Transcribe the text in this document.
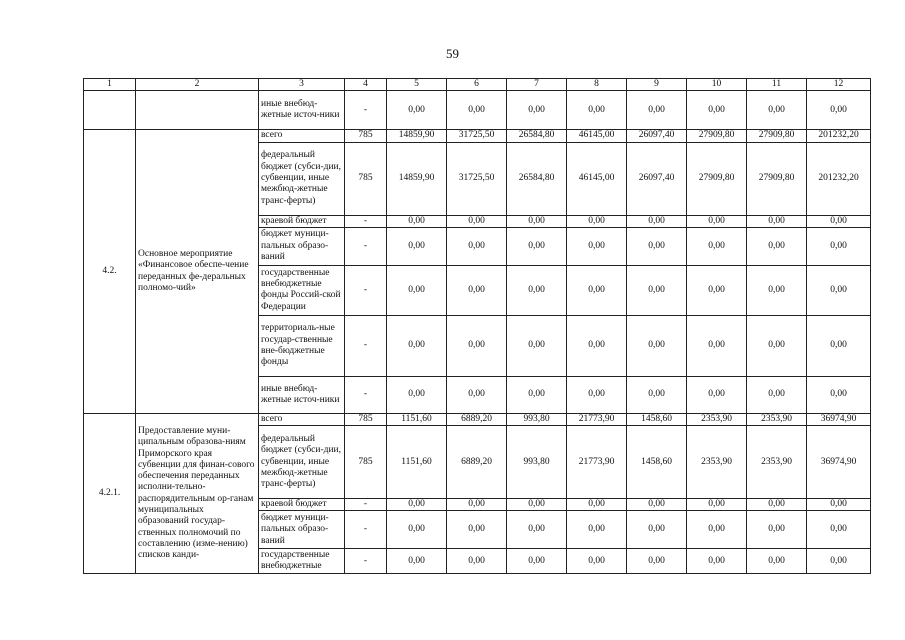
59
1	2	3	4	5	6	7	8	9	10	11	12
		иные внебюд-жетные источ-ники	-	0,00	0,00	0,00	0,00	0,00	0,00	0,00	0,00
4.2.	Основное мероприятие «Финансовое обеспе-чение переданных фе-деральных полномо-чий»	всего	785	14859,90	31725,50	26584,80	46145,00	26097,40	27909,80	27909,80	201232,20
		федеральный бюджет (субси-дии, субвенции, иные межбюд-жетные транс-ферты)	785	14859,90	31725,50	26584,80	46145,00	26097,40	27909,80	27909,80	201232,20
		краевой бюджет	-	0,00	0,00	0,00	0,00	0,00	0,00	0,00	0,00
		бюджет муници-пальных образо-ваний	-	0,00	0,00	0,00	0,00	0,00	0,00	0,00	0,00
		государственные внебюджетные фонды Россий-ской Федерации	-	0,00	0,00	0,00	0,00	0,00	0,00	0,00	0,00
		территориаль-ные государ-ственные вне-бюджетные фонды	-	0,00	0,00	0,00	0,00	0,00	0,00	0,00	0,00
		иные внебюд-жетные источ-ники	-	0,00	0,00	0,00	0,00	0,00	0,00	0,00	0,00
4.2.1.	Предоставление муни-ципальным образова-ниям Приморского края субвенции для финан-сового обеспечения переданных исполни-тельно-распорядительным ор-ганам муниципальных образований государ-ственных полномочий по составлению (изме-нению) списков канди-	всего	785	1151,60	6889,20	993,80	21773,90	1458,60	2353,90	2353,90	36974,90
		федеральный бюджет (субси-дии, субвенции, иные межбюд-жетные транс-ферты)	785	1151,60	6889,20	993,80	21773,90	1458,60	2353,90	2353,90	36974,90
		краевой бюджет	-	0,00	0,00	0,00	0,00	0,00	0,00	0,00	0,00
		бюджет муници-пальных образо-ваний	-	0,00	0,00	0,00	0,00	0,00	0,00	0,00	0,00
		государственные внебюджетные	-	0,00	0,00	0,00	0,00	0,00	0,00	0,00	0,00
